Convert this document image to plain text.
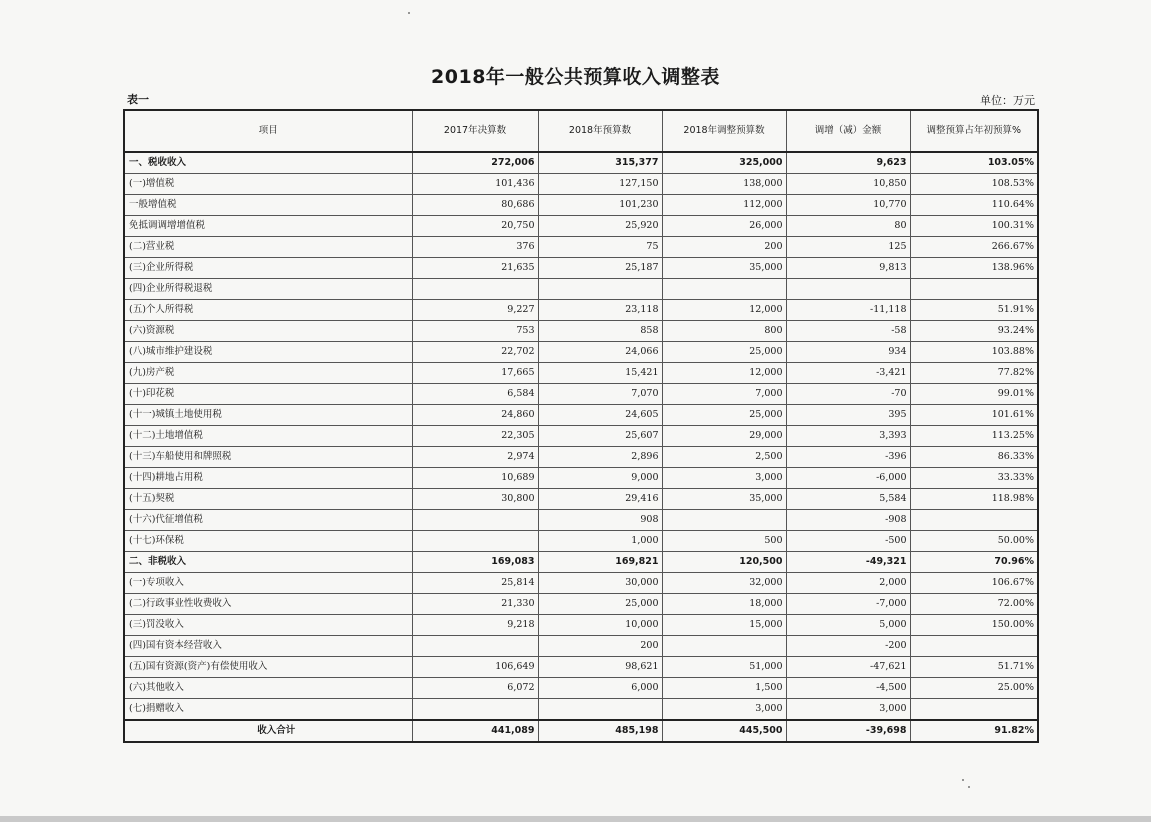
2018年一般公共预算收入调整表
表一	单位：万元
项目	2017年决算数	2018年预算数	2018年调整预算数	调增（减）金额	调整预算占年初预算%
一、税收收入	272,006	315,377	325,000	9,623	103.05%
(一)增值税	101,436	127,150	138,000	10,850	108.53%
一般增值税	80,686	101,230	112,000	10,770	110.64%
免抵调调增增值税	20,750	25,920	26,000	80	100.31%
(二)营业税	376	75	200	125	266.67%
(三)企业所得税	21,635	25,187	35,000	9,813	138.96%
(四)企业所得税退税					
(五)个人所得税	9,227	23,118	12,000	-11,118	51.91%
(六)资源税	753	858	800	-58	93.24%
(八)城市维护建设税	22,702	24,066	25,000	934	103.88%
(九)房产税	17,665	15,421	12,000	-3,421	77.82%
(十)印花税	6,584	7,070	7,000	-70	99.01%
(十一)城镇土地使用税	24,860	24,605	25,000	395	101.61%
(十二)土地增值税	22,305	25,607	29,000	3,393	113.25%
(十三)车船使用和牌照税	2,974	2,896	2,500	-396	86.33%
(十四)耕地占用税	10,689	9,000	3,000	-6,000	33.33%
(十五)契税	30,800	29,416	35,000	5,584	118.98%
(十六)代征增值税		908		-908	
(十七)环保税		1,000	500	-500	50.00%
二、非税收入	169,083	169,821	120,500	-49,321	70.96%
(一)专项收入	25,814	30,000	32,000	2,000	106.67%
(二)行政事业性收费收入	21,330	25,000	18,000	-7,000	72.00%
(三)罚没收入	9,218	10,000	15,000	5,000	150.00%
(四)国有资本经营收入		200		-200	
(五)国有资源(资产)有偿使用收入	106,649	98,621	51,000	-47,621	51.71%
(六)其他收入	6,072	6,000	1,500	-4,500	25.00%
(七)捐赠收入			3,000	3,000	
收入合计	441,089	485,198	445,500	-39,698	91.82%
